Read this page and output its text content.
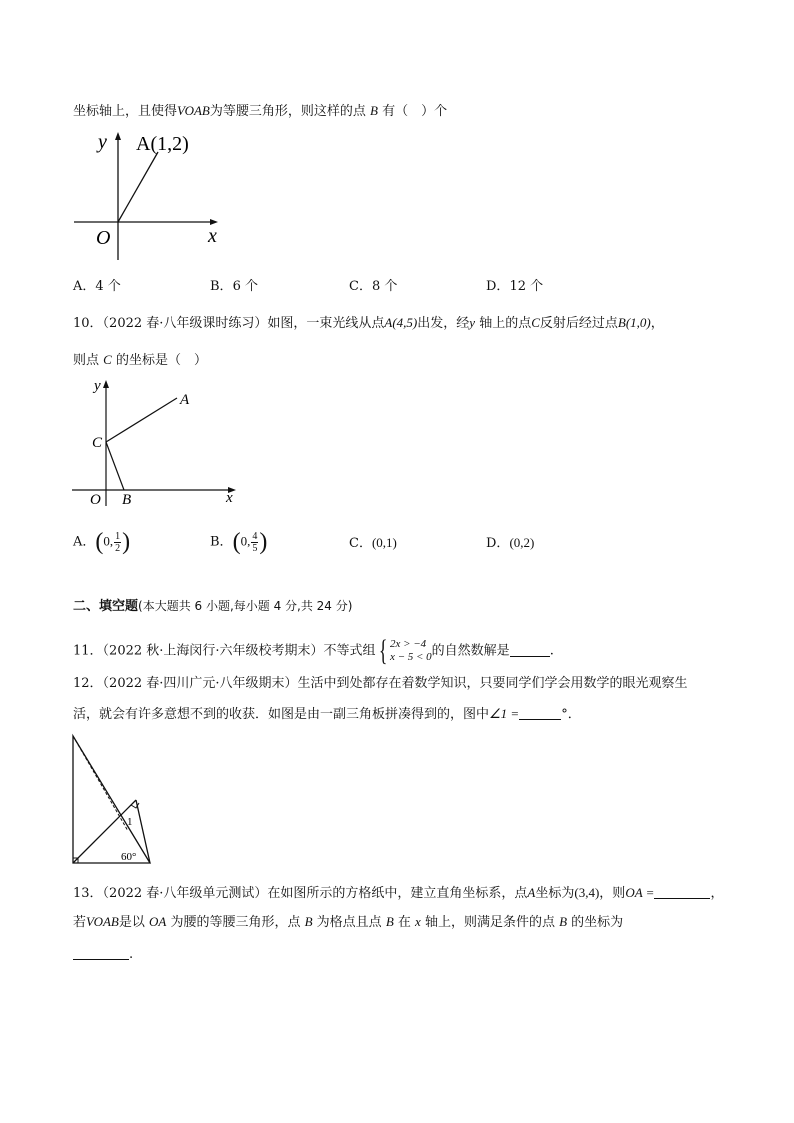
坐标轴上，且使得VOAB为等腰三角形，则这样的点 B 有（　）个
y
x
O
A(1,2)
A．4 个	B．6 个	C．8 个	D．12 个
10．（2022 春·八年级课时练习）如图，一束光线从点A(4,5)出发，经y 轴上的点C反射后经过点B(1,0)，
则点 C 的坐标是（　）
y
x
O B
C
A
A．(0, $\frac{1}{2}$ )	B．(0, $\frac{4}{5}$ )	C．(0,1)	D．(0,2)
二、填空题(本大题共 6 小题,每小题 4 分,共 24 分)
11．（2022 秋·上海闵行·六年级校考期末）不等式组 { 2x > −4
x − 5 < 0 的自然数解是	.
12．（2022 春·四川广元·八年级期末）生活中到处都存在着数学知识，只要同学们学会用数学的眼光观察生
活，就会有许多意想不到的收获．如图是由一副三角板拼凑得到的，图中∠1 =	°．
1
60°
13．（2022 春·八年级单元测试）在如图所示的方格纸中，建立直角坐标系，点A坐标为(3,4)，则OA =	，
若VOAB是以 OA 为腰的等腰三角形，点 B 为格点且点 B 在 x 轴上，则满足条件的点 B 的坐标为
.
